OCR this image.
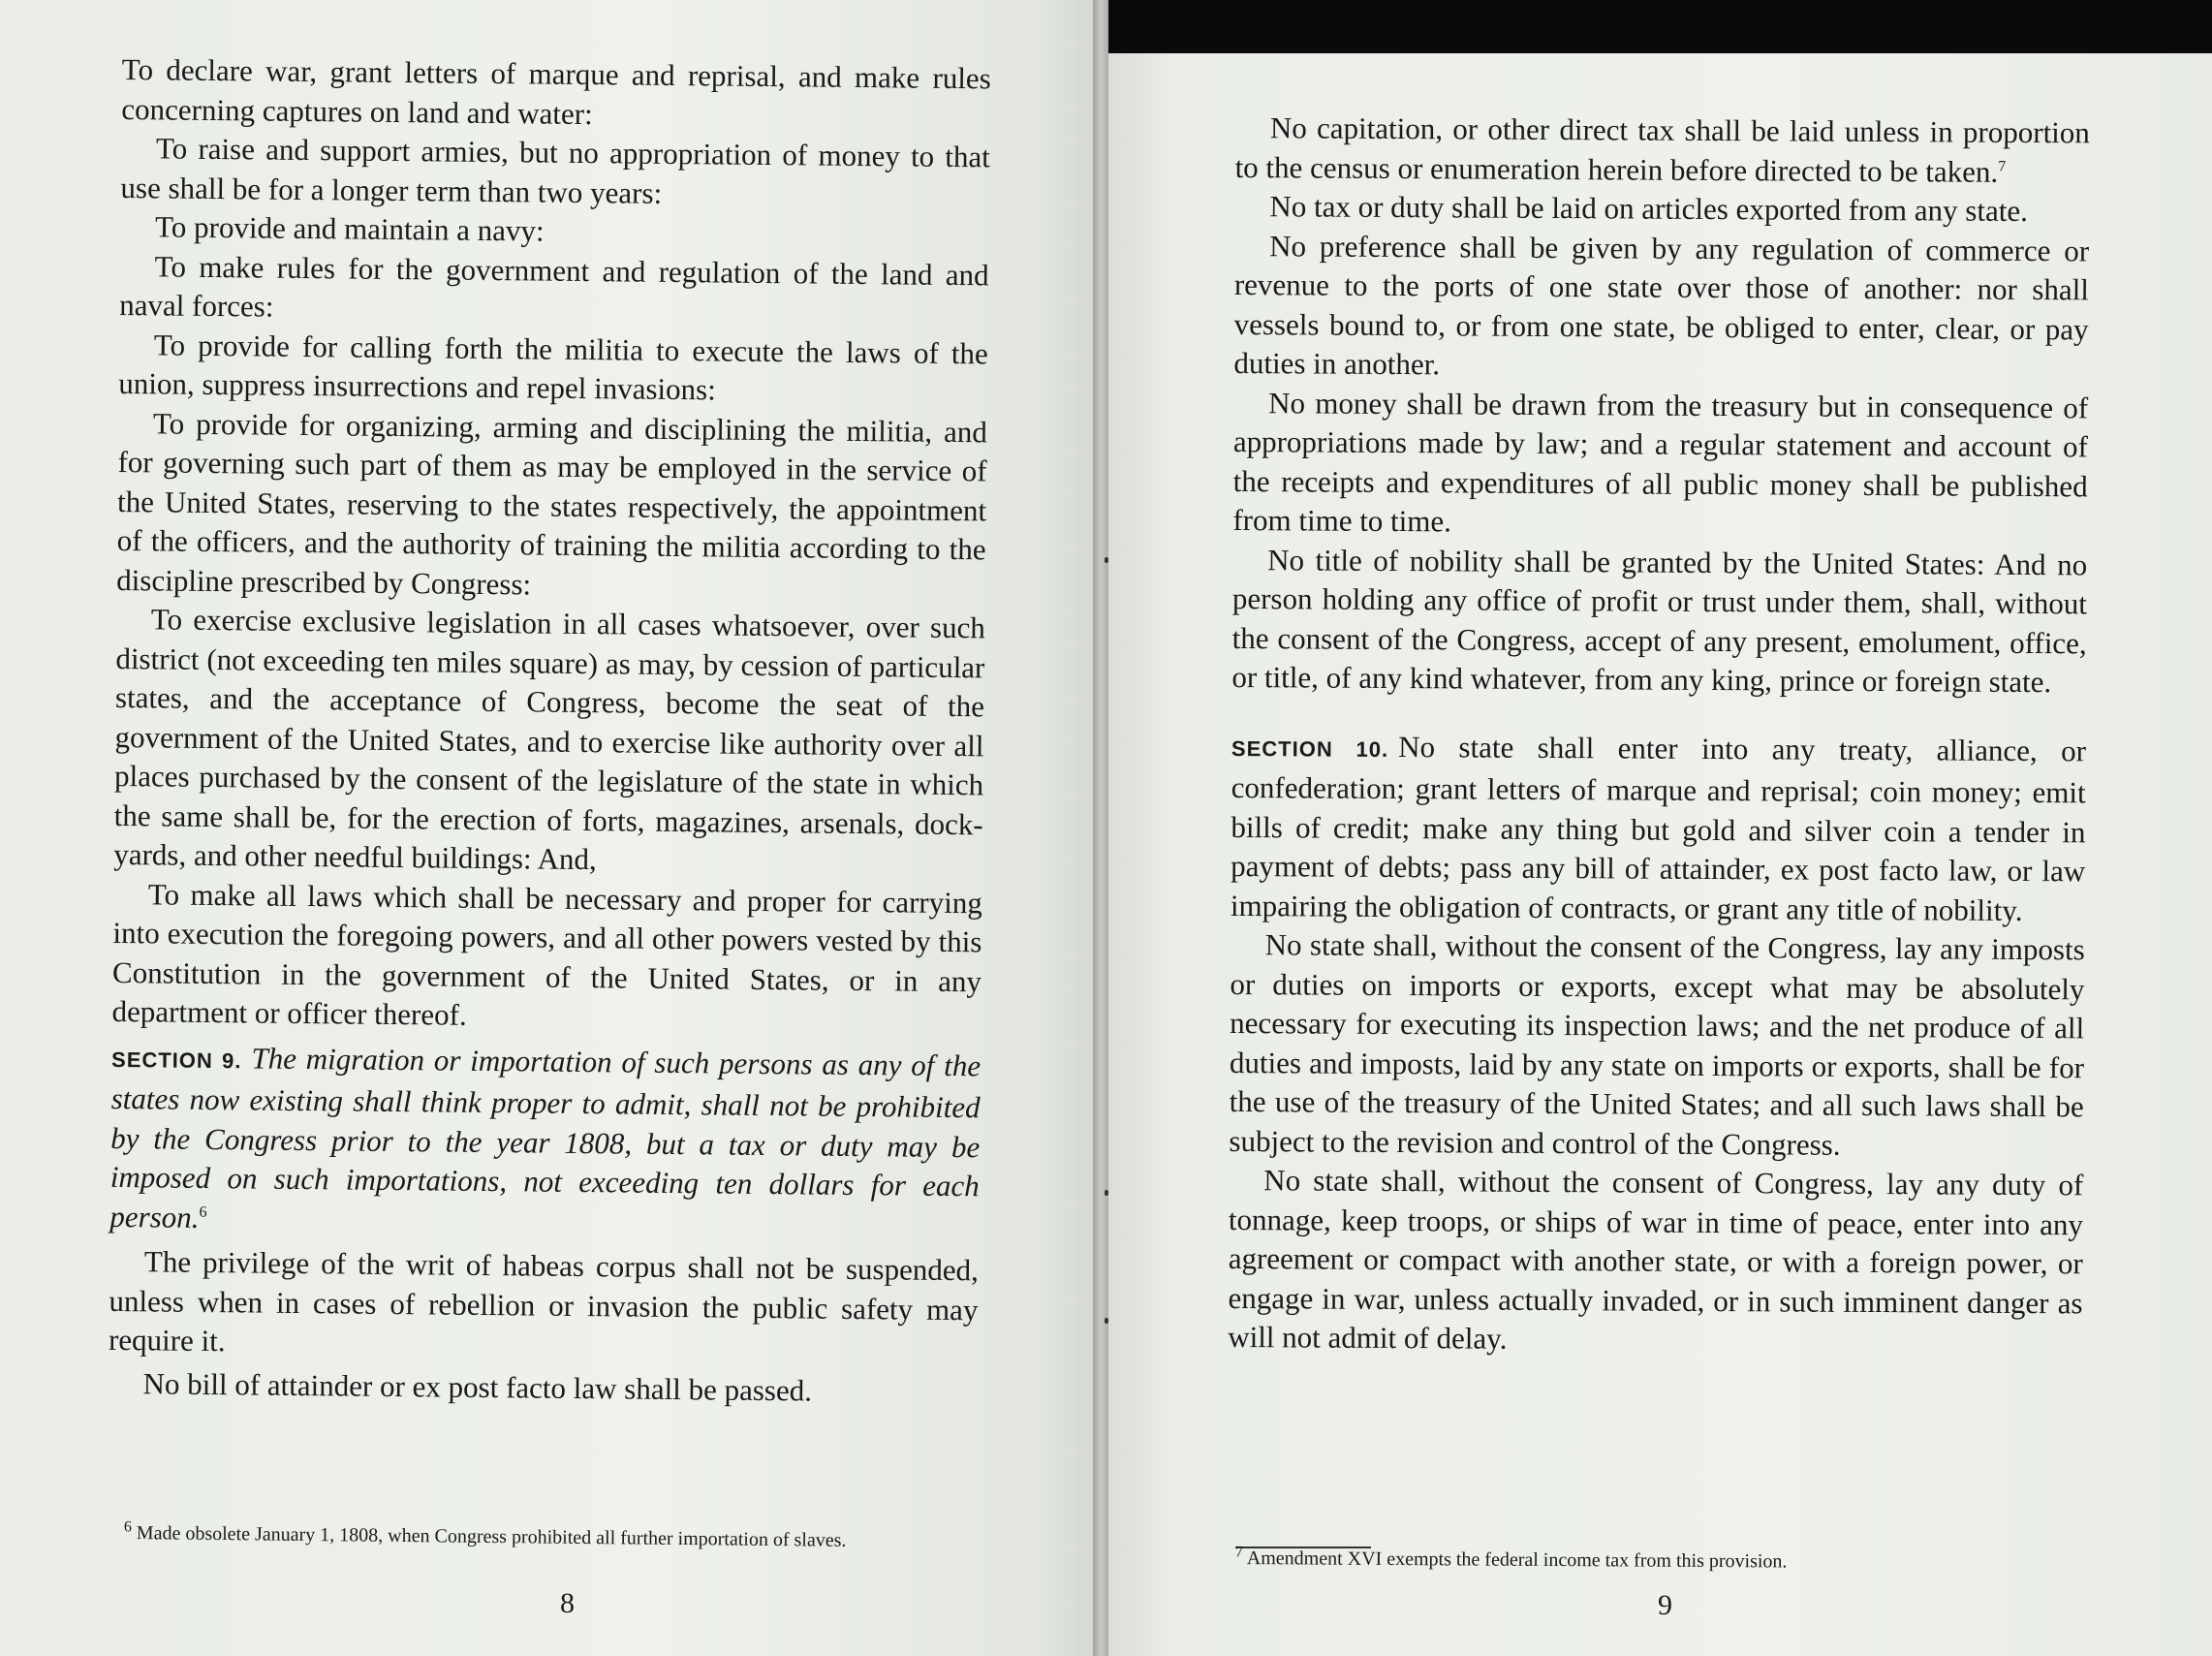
To declare war, grant letters of marque and reprisal, and make rules concerning captures on land and water:

To raise and support armies, but no appropriation of money to that use shall be for a longer term than two years:

To provide and maintain a navy:

To make rules for the government and regulation of the land and naval forces:

To provide for calling forth the militia to execute the laws of the union, suppress insurrections and repel invasions:

To provide for organizing, arming and disciplining the militia, and for governing such part of them as may be employed in the service of the United States, reserving to the states respectively, the appointment of the officers, and the authority of training the militia according to the discipline prescribed by Congress:

To exercise exclusive legislation in all cases whatsoever, over such district (not exceeding ten miles square) as may, by cession of particular states, and the acceptance of Congress, become the seat of the government of the United States, and to exercise like authority over all places purchased by the consent of the legislature of the state in which the same shall be, for the erection of forts, magazines, arsenals, dock-yards, and other needful buildings: And,

To make all laws which shall be necessary and proper for carrying into execution the foregoing powers, and all other powers vested by this Constitution in the government of the United States, or in any department or officer thereof.

SECTION 9. The migration or importation of such persons as any of the states now existing shall think proper to admit, shall not be prohibited by the Congress prior to the year 1808, but a tax or duty may be imposed on such importations, not exceeding ten dollars for each person.$^6$

The privilege of the writ of habeas corpus shall not be suspended, unless when in cases of rebellion or invasion the public safety may require it.

No bill of attainder or ex post facto law shall be passed.

$^6$ Made obsolete January 1, 1808, when Congress prohibited all further importation of slaves.
8

No capitation, or other direct tax shall be laid unless in proportion to the census or enumeration herein before directed to be taken.$^7$

No tax or duty shall be laid on articles exported from any state.

No preference shall be given by any regulation of commerce or revenue to the ports of one state over those of another: nor shall vessels bound to, or from one state, be obliged to enter, clear, or pay duties in another.

No money shall be drawn from the treasury but in consequence of appropriations made by law; and a regular statement and account of the receipts and expenditures of all public money shall be published from time to time.

No title of nobility shall be granted by the United States: And no person holding any office of profit or trust under them, shall, without the consent of the Congress, accept of any present, emolument, office, or title, of any kind whatever, from any king, prince or foreign state.

SECTION 10. No state shall enter into any treaty, alliance, or confederation; grant letters of marque and reprisal; coin money; emit bills of credit; make any thing but gold and silver coin a tender in payment of debts; pass any bill of attainder, ex post facto law, or law impairing the obligation of contracts, or grant any title of nobility.

No state shall, without the consent of the Congress, lay any imposts or duties on imports or exports, except what may be absolutely necessary for executing its inspection laws; and the net produce of all duties and imposts, laid by any state on imports or exports, shall be for the use of the treasury of the United States; and all such laws shall be subject to the revision and control of the Congress.

No state shall, without the consent of Congress, lay any duty of tonnage, keep troops, or ships of war in time of peace, enter into any agreement or compact with another state, or with a foreign power, or engage in war, unless actually invaded, or in such imminent danger as will not admit of delay.

$^7$ Amendment XVI exempts the federal income tax from this provision.
9
